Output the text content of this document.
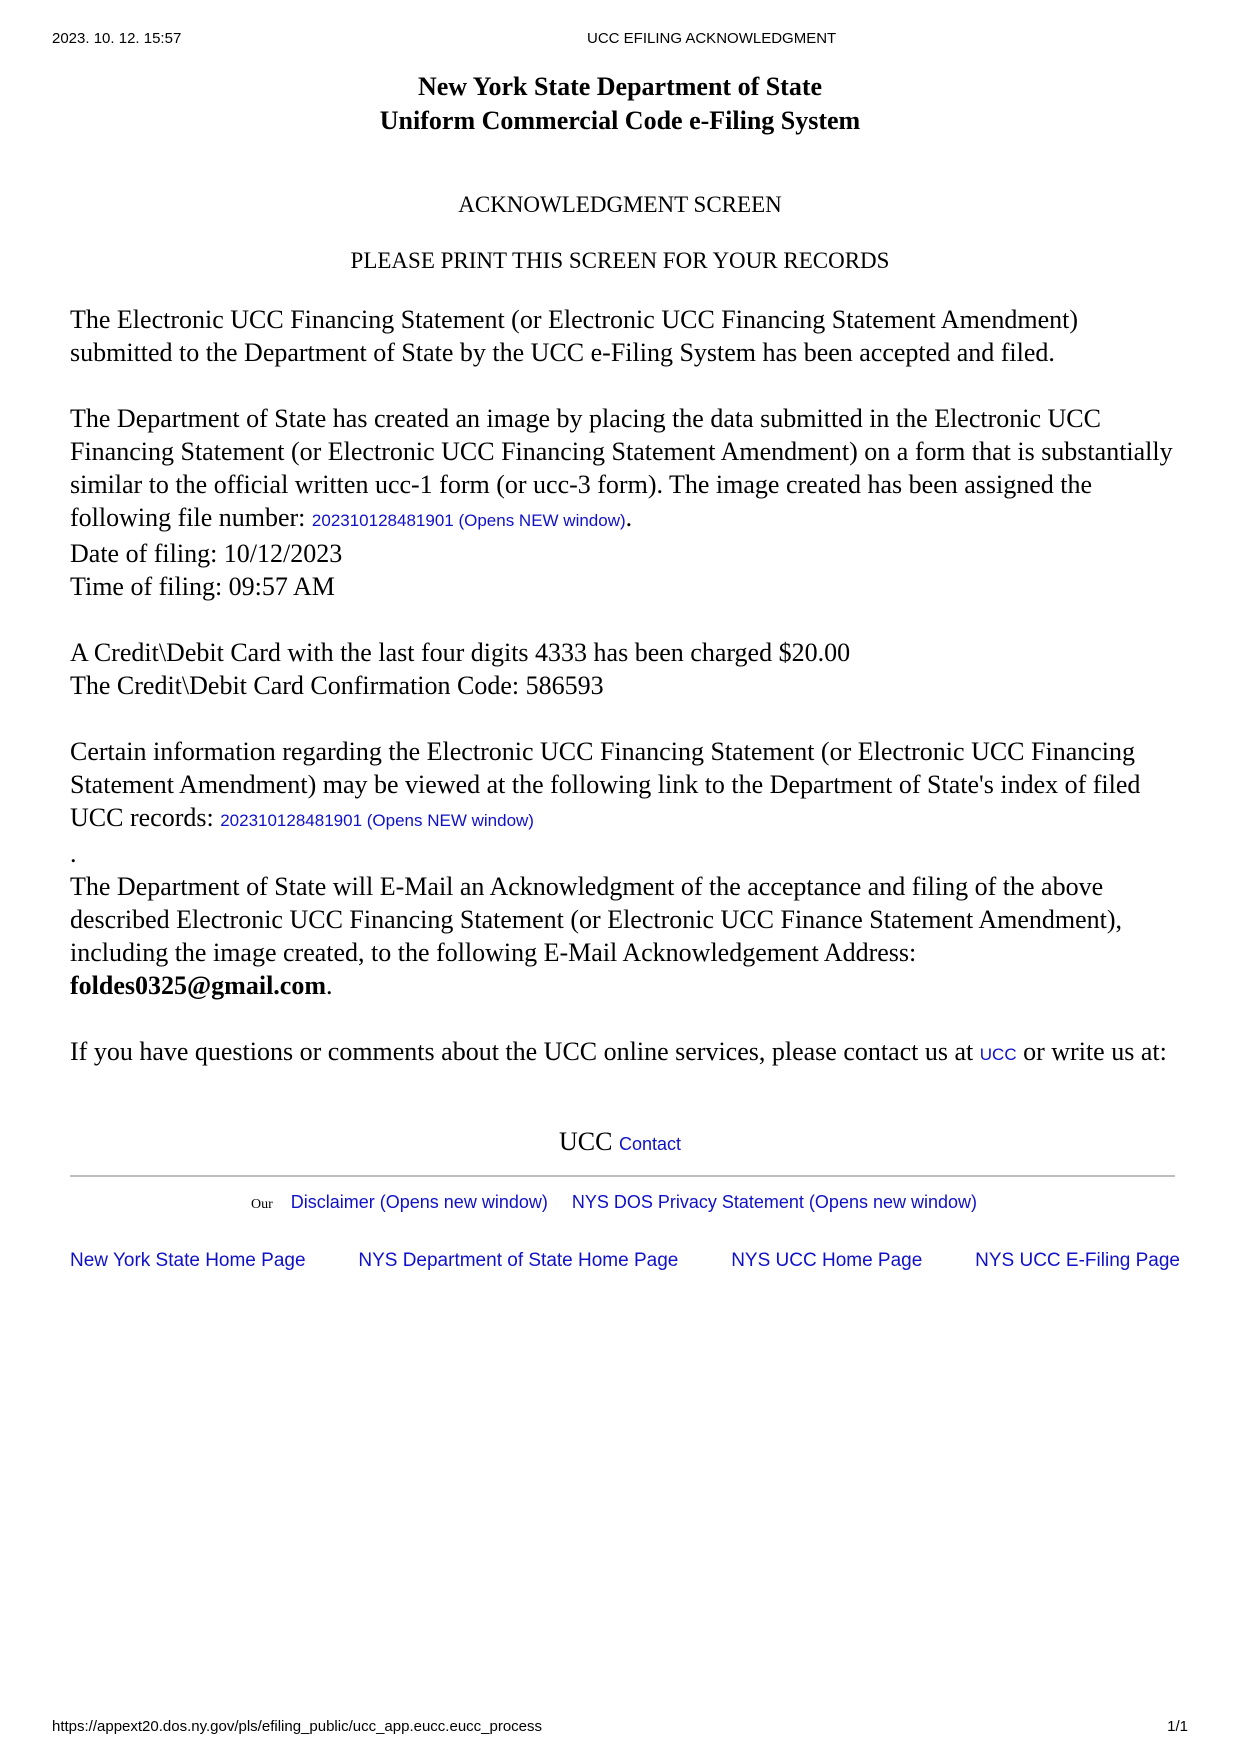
2023. 10. 12. 15:57	UCC EFILING ACKNOWLEDGMENT
New York State Department of State
Uniform Commercial Code e-Filing System
ACKNOWLEDGMENT SCREEN
PLEASE PRINT THIS SCREEN FOR YOUR RECORDS

The Electronic UCC Financing Statement (or Electronic UCC Financing Statement Amendment) submitted to the Department of State by the UCC e-Filing System has been accepted and filed.

The Department of State has created an image by placing the data submitted in the Electronic UCC Financing Statement (or Electronic UCC Financing Statement Amendment) on a form that is substantially similar to the official written ucc-1 form (or ucc-3 form). The image created has been assigned the following file number: 202310128481901 (Opens NEW window).

Date of filing: 10/12/2023

Time of filing: 09:57 AM

A Credit\Debit Card with the last four digits 4333 has been charged $20.00

The Credit\Debit Card Confirmation Code: 586593

Certain information regarding the Electronic UCC Financing Statement (or Electronic UCC Financing Statement Amendment) may be viewed at the following link to the Department of State's index of filed UCC records: 202310128481901 (Opens NEW window)

.

The Department of State will E-Mail an Acknowledgment of the acceptance and filing of the above described Electronic UCC Financing Statement (or Electronic UCC Finance Statement Amendment), including the image created, to the following E-Mail Acknowledgement Address: foldes0325@gmail.com.

If you have questions or comments about the UCC online services, please contact us at UCC or write us at:

UCC Contact
Our Disclaimer (Opens new window) NYS DOS Privacy Statement (Opens new window)
New York State Home Page	NYS Department of State Home Page	NYS UCC Home Page	NYS UCC E-Filing Page
https://appext20.dos.ny.gov/pls/efiling_public/ucc_app.eucc.eucc_process	1/1
